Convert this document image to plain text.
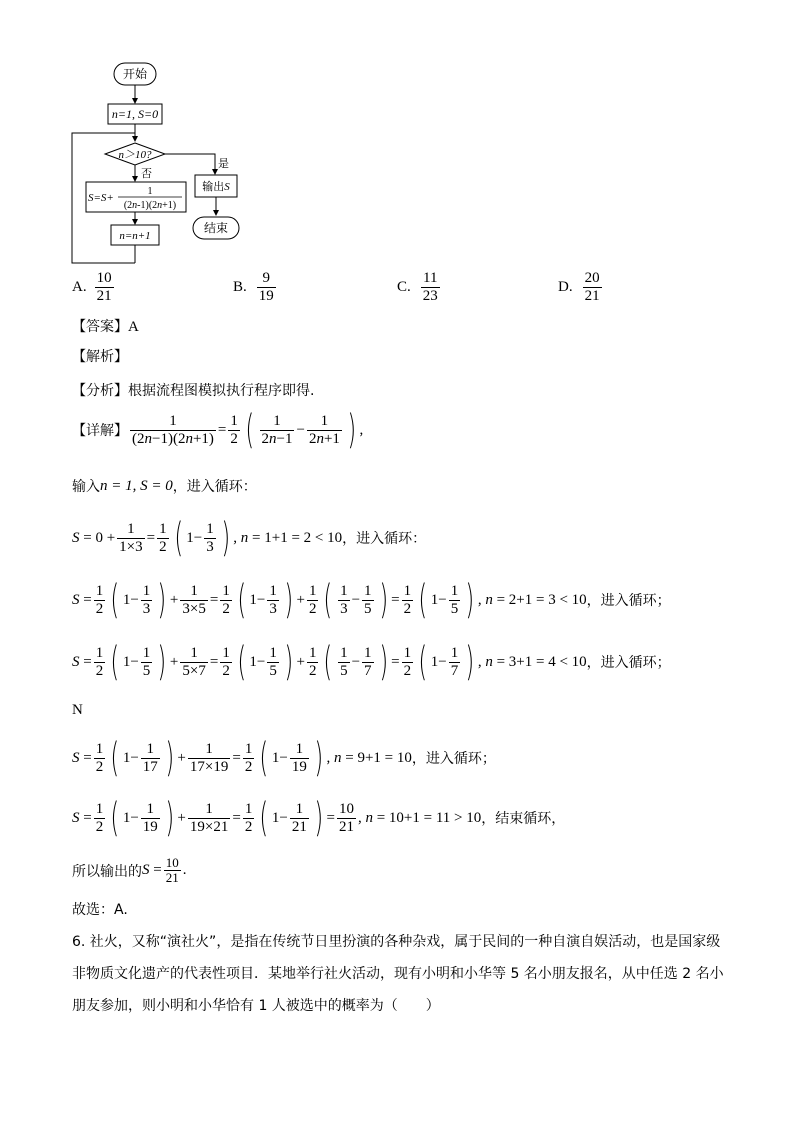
开始
n=1, S=0
n＞10?
是
否
S=S+
1
(2n-1)(2n+1)
n=n+1
输出S
结束
A. $\frac{10}{21}$	B. $\frac{9}{19}$	C. $\frac{11}{23}$	D. $\frac{20}{21}$
【答案】A
【解析】
【分析】根据流程图模拟执行程序即得.
【详解】 $\frac{1}{(2n-1)(2n+1)} = \frac{1}{2}$ ( $\frac{1}{2n-1} - \frac{1}{2n+1}$ ) ,
输入 n = 1, S = 0 ，进入循环：
$S = 0 + \frac{1}{1\times 3} = \frac{1}{2}$ ( $1- \frac{1}{3}$ ) , n = 1+1 = 2 < 10 ，进入循环：
$S = \frac{1}{2}$ ( $1- \frac{1}{3}$ ) + $\frac{1}{3\times 5} = \frac{1}{2}$ ( $1- \frac{1}{3}$ ) + $\frac{1}{2}$ ( $\frac{1}{3} - \frac{1}{5}$ ) = $\frac{1}{2}$ ( $1- \frac{1}{5}$ ) , n = 2+1 = 3 < 10 ，进入循环；
$S = \frac{1}{2}$ ( $1- \frac{1}{5}$ ) + $\frac{1}{5\times 7} = \frac{1}{2}$ ( $1- \frac{1}{5}$ ) + $\frac{1}{2}$ ( $\frac{1}{5} - \frac{1}{7}$ ) = $\frac{1}{2}$ ( $1- \frac{1}{7}$ ) , n = 3+1 = 4 < 10 ，进入循环；
N
$S = \frac{1}{2}$ ( $1- \frac{1}{17}$ ) + $\frac{1}{17\times 19} = \frac{1}{2}$ ( $1- \frac{1}{19}$ ) , n = 9+1 = 10 ，进入循环；
$S = \frac{1}{2}$ ( $1- \frac{1}{19}$ ) + $\frac{1}{19\times 21} = \frac{1}{2}$ ( $1- \frac{1}{21}$ ) = $\frac{10}{21}$ , n = 10+1 = 11 > 10 ，结束循环，
所以输出的 $S = \frac{10}{21}$ .
故选：A.
6. 社火，又称“演社火”，是指在传统节日里扮演的各种杂戏，属于民间的一种自演自娱活动，也是国家级
非物质文化遗产的代表性项目．某地举行社火活动，现有小明和小华等 5 名小朋友报名，从中任选 2 名小
朋友参加，则小明和小华恰有 1 人被选中的概率为（　　）
